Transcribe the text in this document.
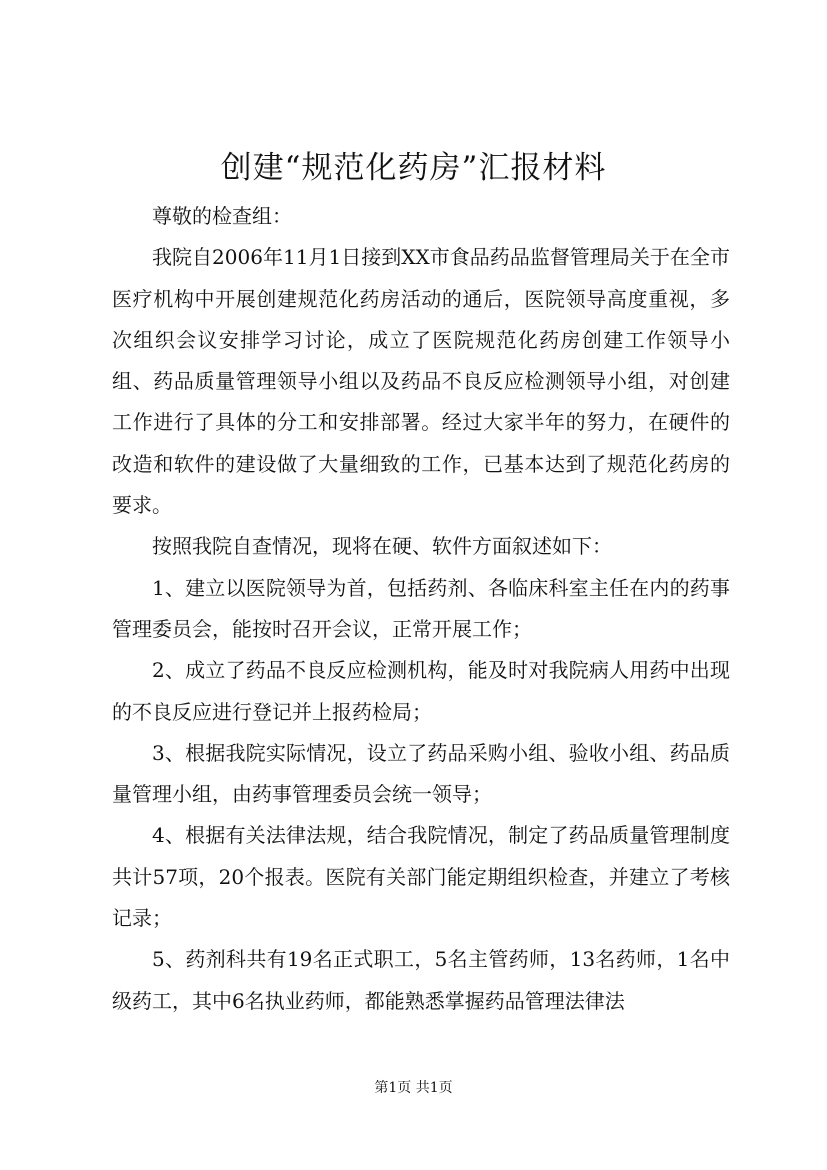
创建“规范化药房”汇报材料

尊敬的检查组：

我院自2006年11月1日接到XX市食品药品监督管理局关于在全市医疗机构中开展创建规范化药房活动的通后，医院领导高度重视，多次组织会议安排学习讨论，成立了医院规范化药房创建工作领导小组、药品质量管理领导小组以及药品不良反应检测领导小组，对创建工作进行了具体的分工和安排部署。经过大家半年的努力，在硬件的改造和软件的建设做了大量细致的工作，已基本达到了规范化药房的要求。

按照我院自查情况，现将在硬、软件方面叙述如下：

1、建立以医院领导为首，包括药剂、各临床科室主任在内的药事管理委员会，能按时召开会议，正常开展工作；

2、成立了药品不良反应检测机构，能及时对我院病人用药中出现的不良反应进行登记并上报药检局；

3、根据我院实际情况，设立了药品采购小组、验收小组、药品质量管理小组，由药事管理委员会统一领导；

4、根据有关法律法规，结合我院情况，制定了药品质量管理制度共计57项，20个报表。医院有关部门能定期组织检查，并建立了考核记录；

5、药剂科共有19名正式职工，5名主管药师，13名药师，1名中级药工，其中6名执业药师，都能熟悉掌握药品管理法律法

第1页 共1页
